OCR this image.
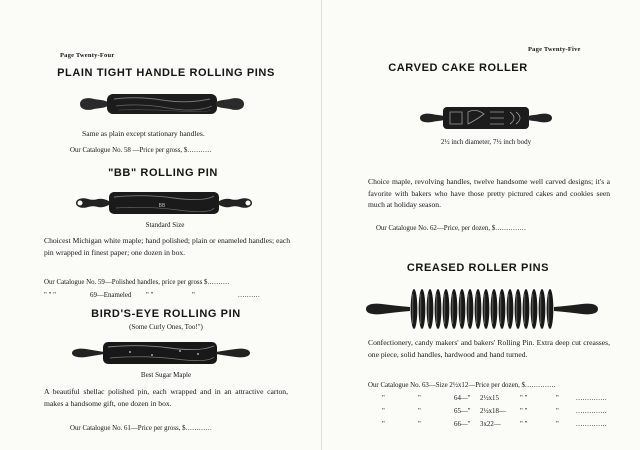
Page Twenty-Four
PLAIN TIGHT HANDLE ROLLING PINS
Same as plain except stationary handles.
Our Catalogue No. 58 —Price per gross, $...........
"BB" ROLLING PIN
BB
Standard Size
Choicest Michigan white maple; hand polished; plain or enameled handles; each pin wrapped in finest paper; one dozen in box.
Our Catalogue No. 59—Polished handles, price per gross $..........
" " "	69—Enameled " "	"	..........
BIRD'S-EYE ROLLING PIN
(Some Curly Ones, Too!")
Best Sugar Maple
A beautiful shellac polished pin, each wrapped and in an attractive carton, makes a handsome gift, one dozen in box.
Our Catalogue No. 61—Price per gross, $............
Page Twenty-Five
CARVED CAKE ROLLER
2½ inch diameter, 7½ inch body
Choice maple, revolving handles, twelve handsome well carved designs; it's a favorite with bakers who have those pretty pictured cakes and cookies seen much at holiday season.
Our Catalogue No. 62—Price, per dozen, $..............
CREASED ROLLER PINS
Confectionery, candy makers' and bakers' Rolling Pin. Extra deep cut creasses, one piece, solid handles, hardwood and hand turned.
Our Catalogue No. 63—Size 2½x12—Price per dozen, $..............
"	"	64—" 2½x15	" "	" ..............
"	"	65—" 2½x18— " "	" ..............
"	"	66—" 3x22—	" "	" ..............
